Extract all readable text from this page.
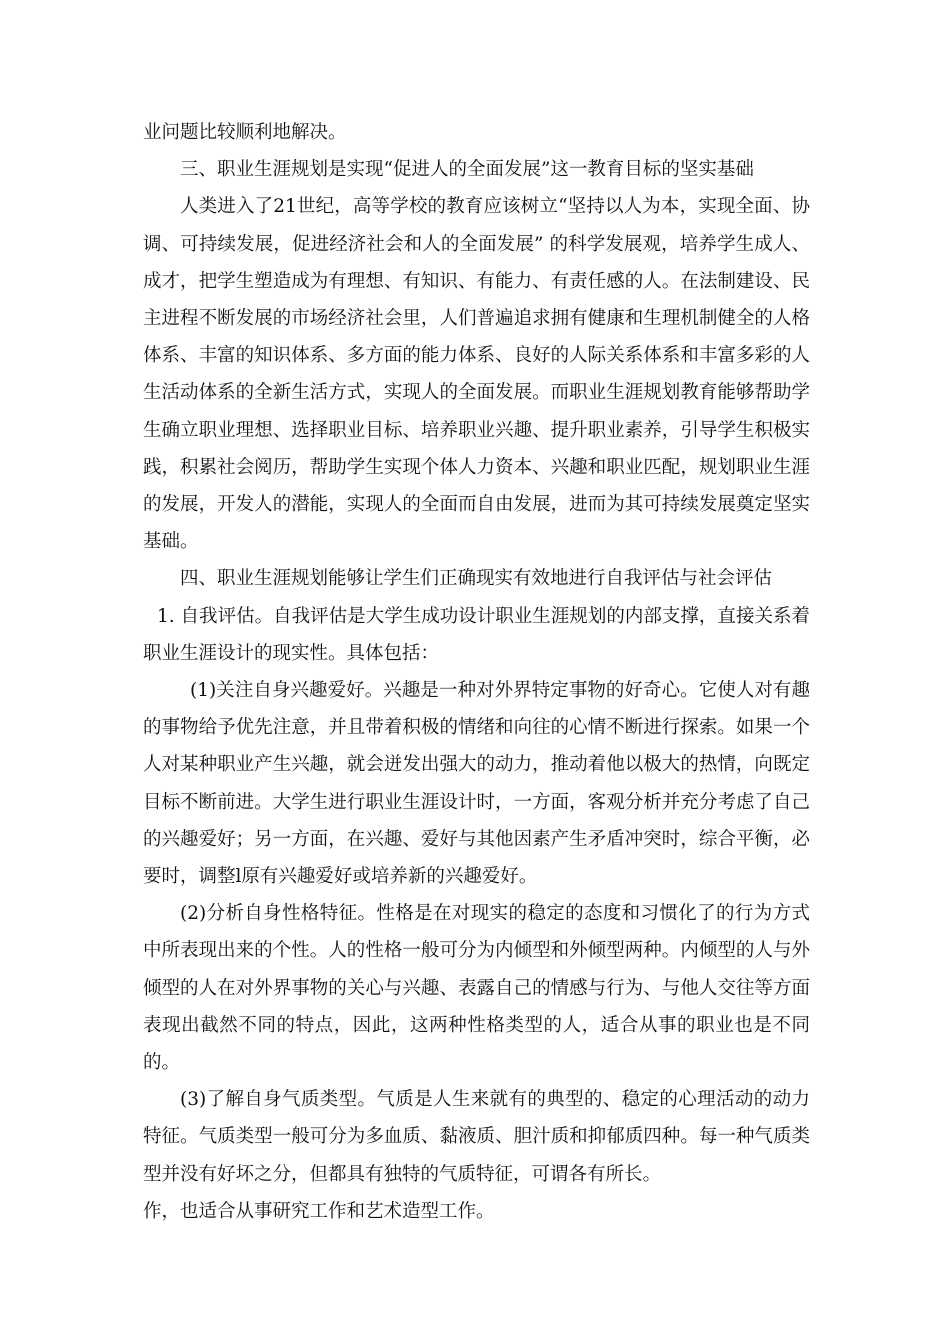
业问题比较顺利地解决。

三、职业生涯规划是实现“促进人的全面发展”这一教育目标的坚实基础

人类进入了21世纪，高等学校的教育应该树立“坚持以人为本，实现全面、协调、可持续发展，促进经济社会和人的全面发展” 的科学发展观，培养学生成人、成才，把学生塑造成为有理想、有知识、有能力、有责任感的人。在法制建设、民主进程不断发展的市场经济社会里，人们普遍追求拥有健康和生理机制健全的人格体系、丰富的知识体系、多方面的能力体系、良好的人际关系体系和丰富多彩的人生活动体系的全新生活方式，实现人的全面发展。而职业生涯规划教育能够帮助学生确立职业理想、选择职业目标、培养职业兴趣、提升职业素养，引导学生积极实践，积累社会阅历，帮助学生实现个体人力资本、兴趣和职业匹配，规划职业生涯的发展，开发人的潜能，实现人的全面而自由发展，进而为其可持续发展奠定坚实基础。

四、职业生涯规划能够让学生们正确现实有效地进行自我评估与社会评估

1. 自我评估。自我评估是大学生成功设计职业生涯规划的内部支撑，直接关系着职业生涯设计的现实性。具体包括：

(1)关注自身兴趣爱好。兴趣是一种对外界特定事物的好奇心。它使人对有趣的事物给予优先注意，并且带着积极的情绪和向往的心情不断进行探索。如果一个人对某种职业产生兴趣，就会迸发出强大的动力，推动着他以极大的热情，向既定目标不断前进。大学生进行职业生涯设计时，一方面，客观分析并充分考虑了自己的兴趣爱好；另一方面，在兴趣、爱好与其他因素产生矛盾冲突时，综合平衡，必要时，调整l原有兴趣爱好或培养新的兴趣爱好。

(2)分析自身性格特征。性格是在对现实的稳定的态度和习惯化了的行为方式中所表现出来的个性。人的性格一般可分为内倾型和外倾型两种。内倾型的人与外倾型的人在对外界事物的关心与兴趣、表露自己的情感与行为、与他人交往等方面表现出截然不同的特点，因此，这两种性格类型的人，适合从事的职业也是不同的。

(3)了解自身气质类型。气质是人生来就有的典型的、稳定的心理活动的动力特征。气质类型一般可分为多血质、黏液质、胆汁质和抑郁质四种。每一种气质类型并没有好坏之分，但都具有独特的气质特征，可谓各有所长。

作，也适合从事研究工作和艺术造型工作。
